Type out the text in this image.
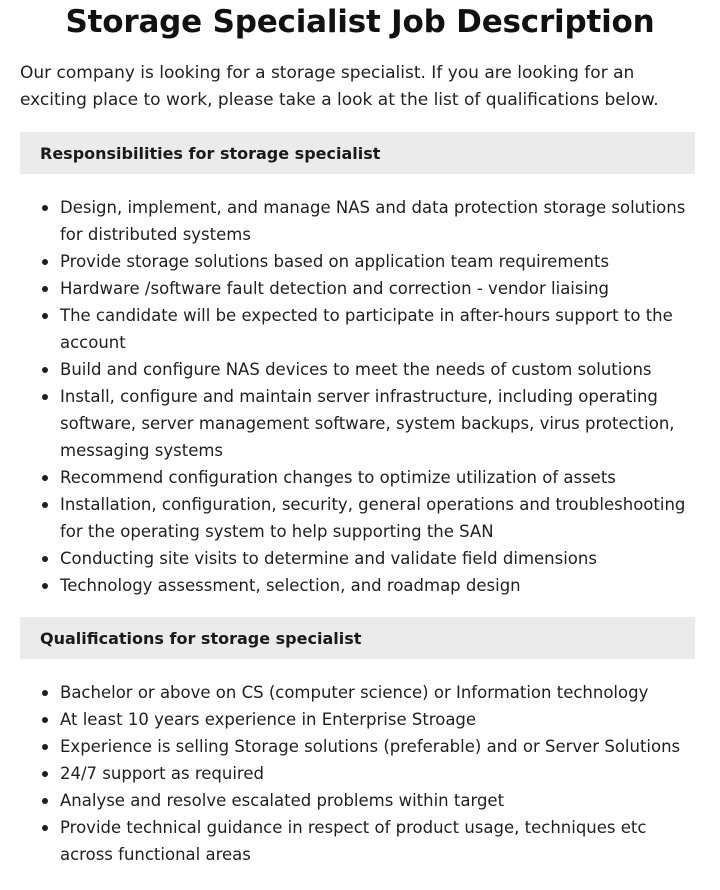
Storage Specialist Job Description

Our company is looking for a storage specialist. If you are looking for an exciting place to work, please take a look at the list of qualifications below.

Responsibilities for storage specialist
Design, implement, and manage NAS and data protection storage solutions for distributed systems
Provide storage solutions based on application team requirements
Hardware /software fault detection and correction - vendor liaising
The candidate will be expected to participate in after-hours support to the account
Build and configure NAS devices to meet the needs of custom solutions
Install, configure and maintain server infrastructure, including operating software, server management software, system backups, virus protection, messaging systems
Recommend configuration changes to optimize utilization of assets
Installation, configuration, security, general operations and troubleshooting for the operating system to help supporting the SAN
Conducting site visits to determine and validate field dimensions
Technology assessment, selection, and roadmap design
Qualifications for storage specialist
Bachelor or above on CS (computer science) or Information technology
At least 10 years experience in Enterprise Stroage
Experience is selling Storage solutions (preferable) and or Server Solutions
24/7 support as required
Analyse and resolve escalated problems within target
Provide technical guidance in respect of product usage, techniques etc across functional areas
